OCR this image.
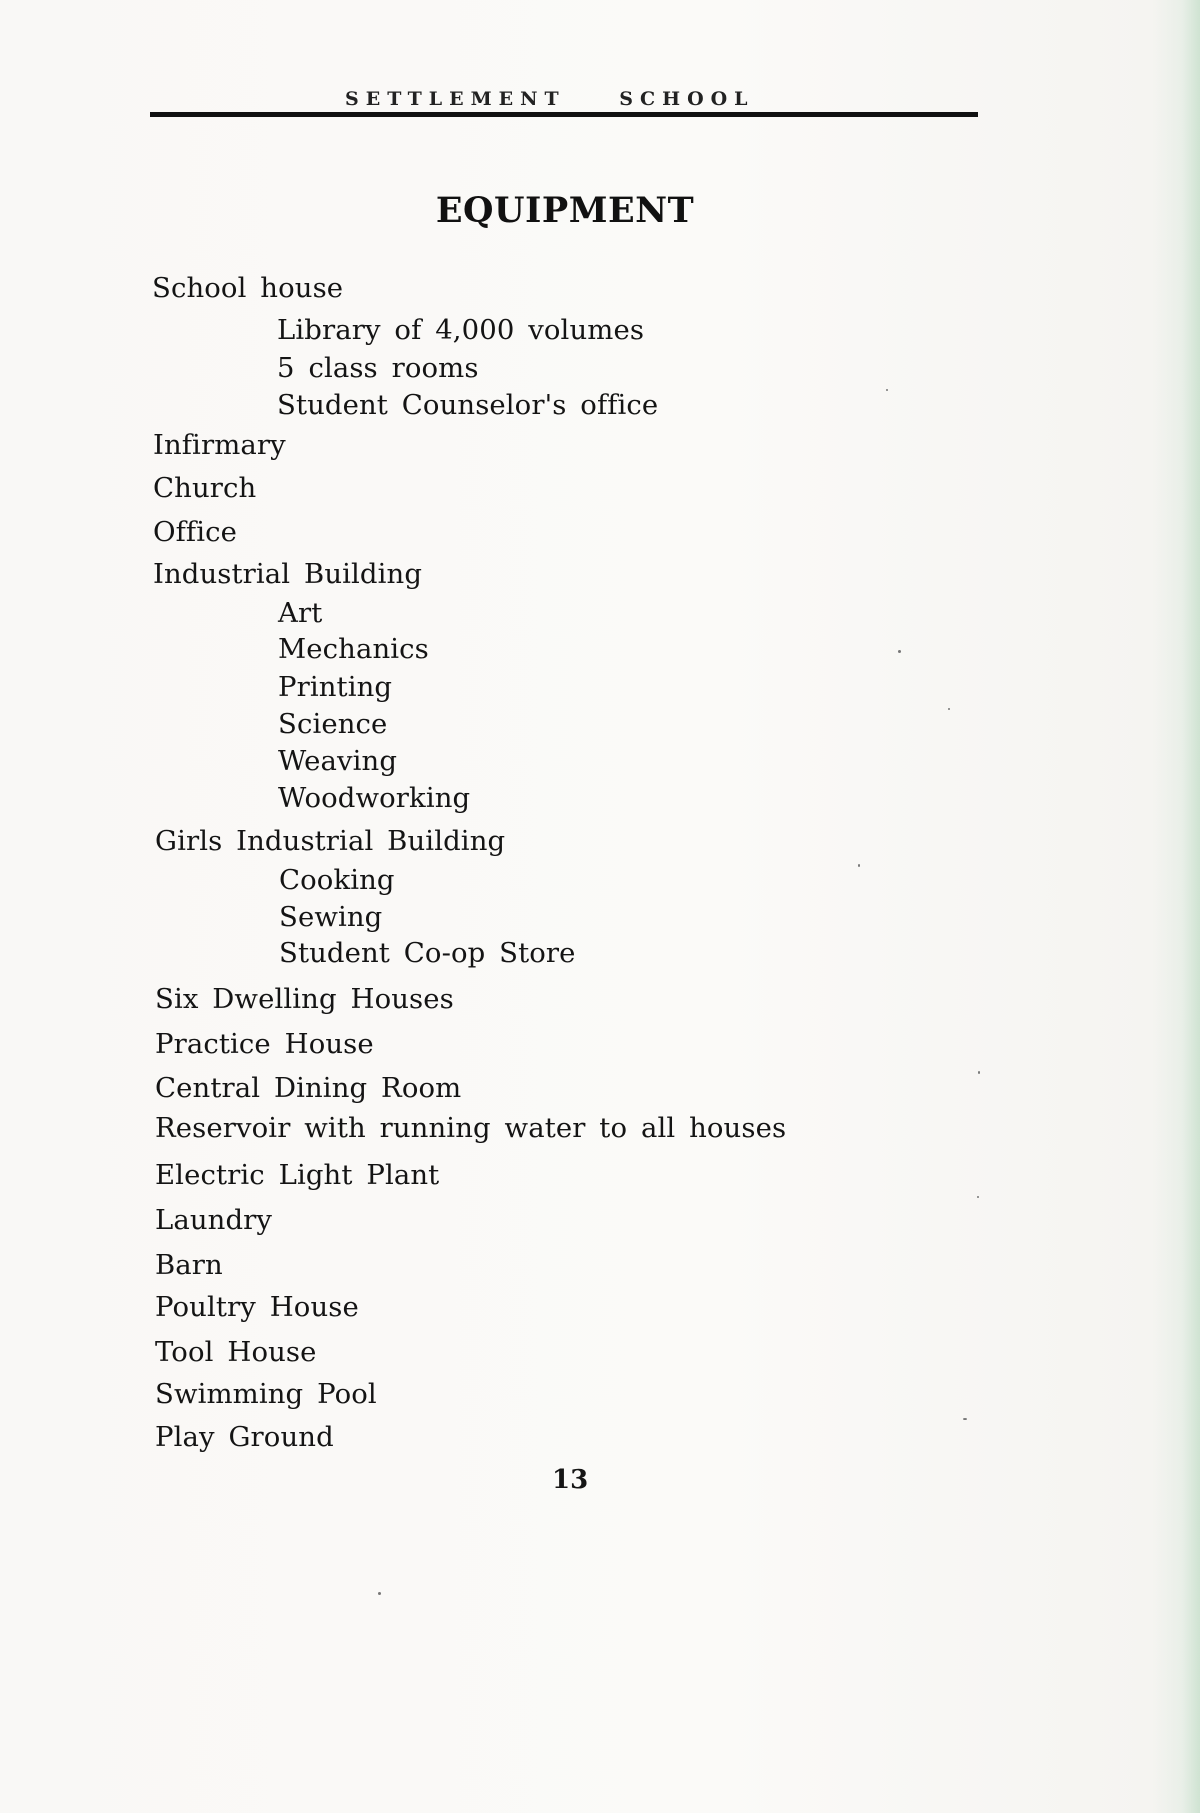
SETTLEMENT SCHOOL
EQUIPMENT
School house
Library of 4,000 volumes
5 class rooms
Student Counselor's office
Infirmary
Church
Office
Industrial Building
Art
Mechanics
Printing
Science
Weaving
Woodworking
Girls Industrial Building
Cooking
Sewing
Student Co-op Store
Six Dwelling Houses
Practice House
Central Dining Room
Reservoir with running water to all houses
Electric Light Plant
Laundry
Barn
Poultry House
Tool House
Swimming Pool
Play Ground
13
